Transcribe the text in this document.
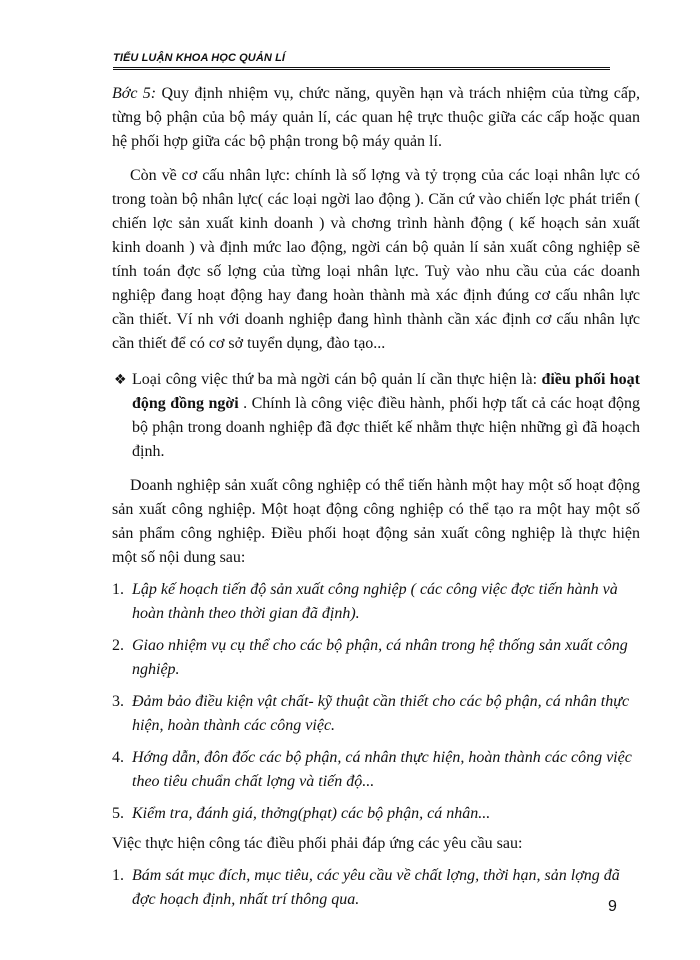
TIỂU LUẬN KHOA HỌC QUẢN LÍ

Bớc 5: Quy định nhiệm vụ, chức năng, quyền hạn và trách nhiệm của từng cấp, từng bộ phận của bộ máy quản lí, các quan hệ trực thuộc giữa các cấp hoặc quan hệ phối hợp giữa các bộ phận trong bộ máy quản lí.

Còn về cơ cấu nhân lực: chính là số lợng và tỷ trọng của các loại nhân lực có trong toàn bộ nhân lực( các loại ngời lao động ). Căn cứ vào chiến lợc phát triển ( chiến lợc sản xuất kinh doanh ) và chơng trình hành động ( kế hoạch sản xuất kinh doanh ) và định mức lao động, ngời cán bộ quản lí sản xuất công nghiệp sẽ tính toán đợc số lợng của từng loại nhân lực. Tuỳ vào nhu cầu của các doanh nghiệp đang hoạt động hay đang hoàn thành mà xác định đúng cơ cấu nhân lực cần thiết. Ví nh với doanh nghiệp đang hình thành cần xác định cơ cấu nhân lực cần thiết để có cơ sở tuyển dụng, đào tạo...

❖ Loại công việc thứ ba mà ngời cán bộ quản lí cần thực hiện là: điều phối hoạt động đồng ngời . Chính là công việc điều hành, phối hợp tất cả các hoạt động bộ phận trong doanh nghiệp đã đợc thiết kế nhằm thực hiện những gì đã hoạch định.

Doanh nghiệp sản xuất công nghiệp có thể tiến hành một hay một số hoạt động sản xuất công nghiệp. Một hoạt động công nghiệp có thể tạo ra một hay một số sản phẩm công nghiệp. Điều phối hoạt động sản xuất công nghiệp là thực hiện một số nội dung sau:

1. Lập kế hoạch tiến độ sản xuất công nghiệp ( các công việc đợc tiến hành và hoàn thành theo thời gian đã định).
2. Giao nhiệm vụ cụ thể cho các bộ phận, cá nhân trong hệ thống sản xuất công nghiệp.
3. Đảm bảo điều kiện vật chất- kỹ thuật cần thiết cho các bộ phận, cá nhân thực hiện, hoàn thành các công việc.
4. Hớng dẫn, đôn đốc các bộ phận, cá nhân thực hiện, hoàn thành các công việc theo tiêu chuẩn chất lợng và tiến độ...
5. Kiểm tra, đánh giá, thởng(phạt) các bộ phận, cá nhân...

Việc thực hiện công tác điều phối phải đáp ứng các yêu cầu sau:

1. Bám sát mục đích, mục tiêu, các yêu cầu về chất lợng, thời hạn, sản lợng đã đợc hoạch định, nhất trí thông qua.	9
